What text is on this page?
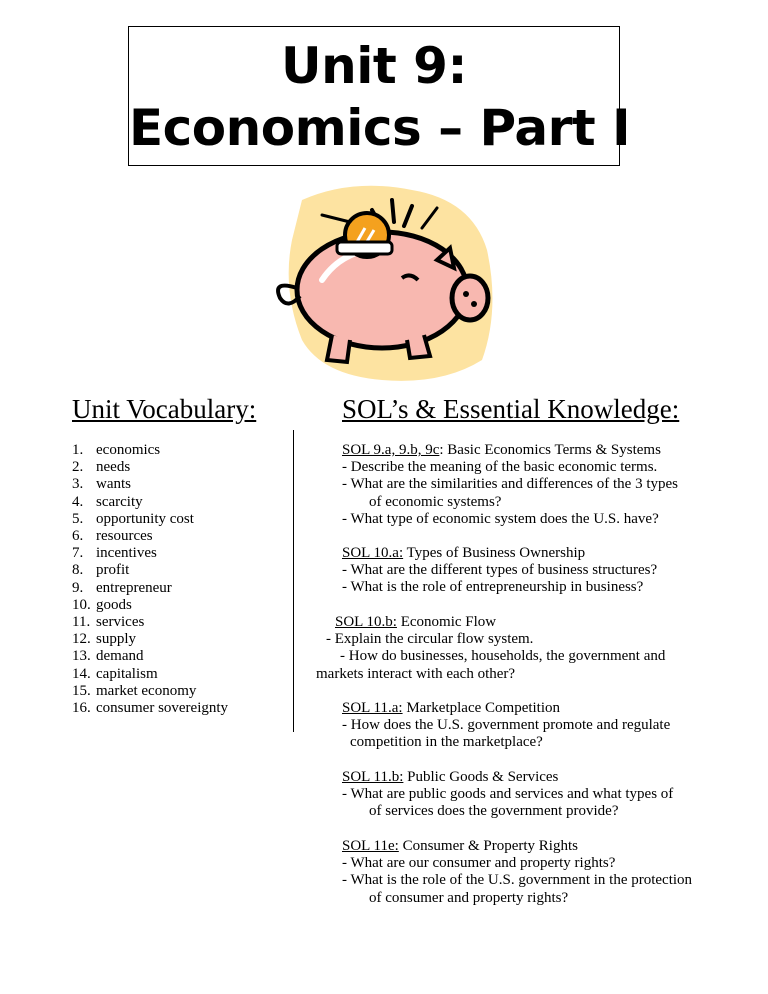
Unit 9:
Economics – Part I
Unit Vocabulary:	SOL’s & Essential Knowledge:
1. economics
2. needs
3. wants
4. scarcity
5. opportunity cost
6. resources
7. incentives
8. profit
9. entrepreneur
10. goods
11. services
12. supply
13. demand
14. capitalism
15. market economy
16. consumer sovereignty
SOL 9.a, 9.b, 9c: Basic Economics Terms & Systems
- Describe the meaning of the basic economic terms.
- What are the similarities and differences of the 3 types
of economic systems?
- What type of economic system does the U.S. have?
SOL 10.a: Types of Business Ownership
- What are the different types of business structures?
- What is the role of entrepreneurship in business?
SOL 10.b: Economic Flow
- Explain the circular flow system.
- How do businesses, households, the government and
markets interact with each other?
SOL 11.a: Marketplace Competition
- How does the U.S. government promote and regulate
competition in the marketplace?
SOL 11.b: Public Goods & Services
- What are public goods and services and what types of
of services does the government provide?
SOL 11e: Consumer & Property Rights
- What are our consumer and property rights?
- What is the role of the U.S. government in the protection
of consumer and property rights?
